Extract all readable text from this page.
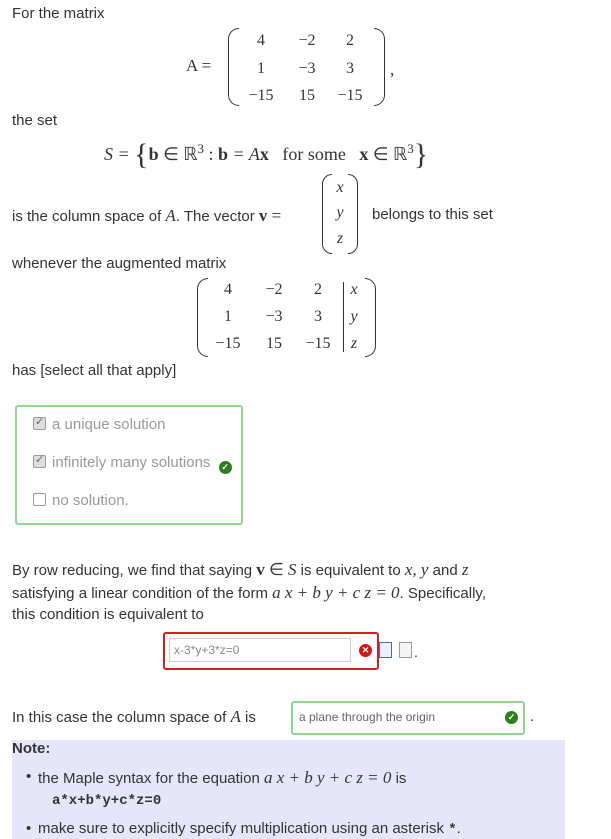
For the matrix
A =
4	−2	2
1	−3	3
−15	15	−15
,
the set
S = {b ∈ ℝ$^3$ : b = Ax for some x ∈ ℝ$^3$}
is the column space of A. The vector v =
x
y
z
belongs to this set
whenever the augmented matrix
4	−2	2	x
1	−3	3	y
−15	15	−15	z
has [select all that apply]
✓a unique solution
✓infinitely many solutions ✓
no solution.
By row reducing, we find that saying v ∈ S is equivalent to x, y and z
satisfying a linear condition of the form a x + b y + c z = 0. Specifically,
this condition is equivalent to
x-3*y+3*z=0	✕	.
In this case the column space of A is	a plane through the origin	✓ .
Note:
• the Maple syntax for the equation a x + b y + c z = 0 is
a*x+b*y+c*z=0
• make sure to explicitly specify multiplication using an asterisk *.
